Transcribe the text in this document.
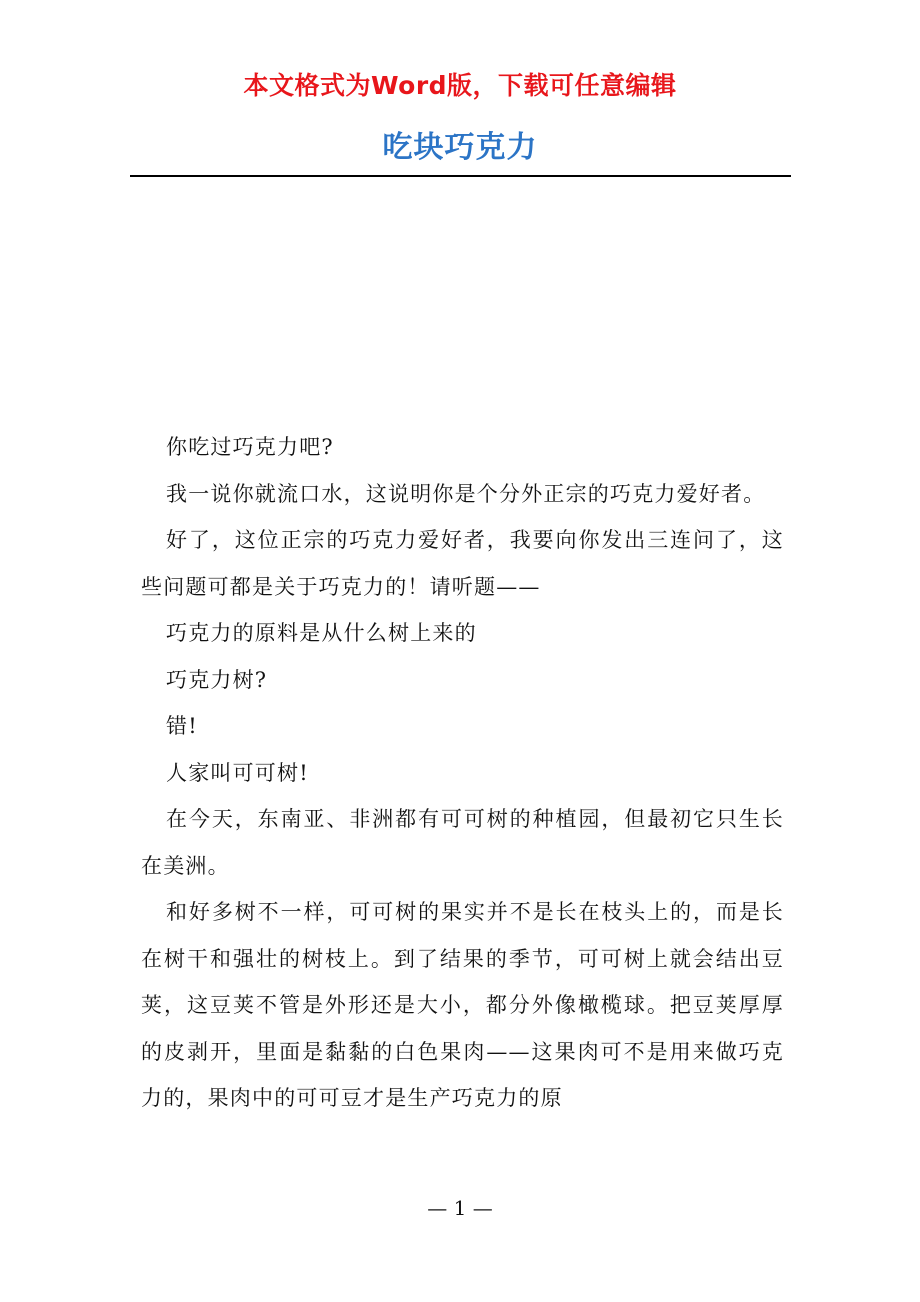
本文格式为Word版，下载可任意编辑
吃块巧克力

你吃过巧克力吧?

我一说你就流口水，这说明你是个分外正宗的巧克力爱好者。

好了，这位正宗的巧克力爱好者，我要向你发出三连问了，这些问题可都是关于巧克力的！请听题——

巧克力的原料是从什么树上来的

巧克力树?

错!

人家叫可可树!

在今天，东南亚、非洲都有可可树的种植园，但最初它只生长在美洲。

和好多树不一样，可可树的果实并不是长在枝头上的，而是长在树干和强壮的树枝上。到了结果的季节，可可树上就会结出豆荚，这豆荚不管是外形还是大小，都分外像橄榄球。把豆荚厚厚的皮剥开，里面是黏黏的白色果肉——这果肉可不是用来做巧克力的，果肉中的可可豆才是生产巧克力的原

— 1 —
